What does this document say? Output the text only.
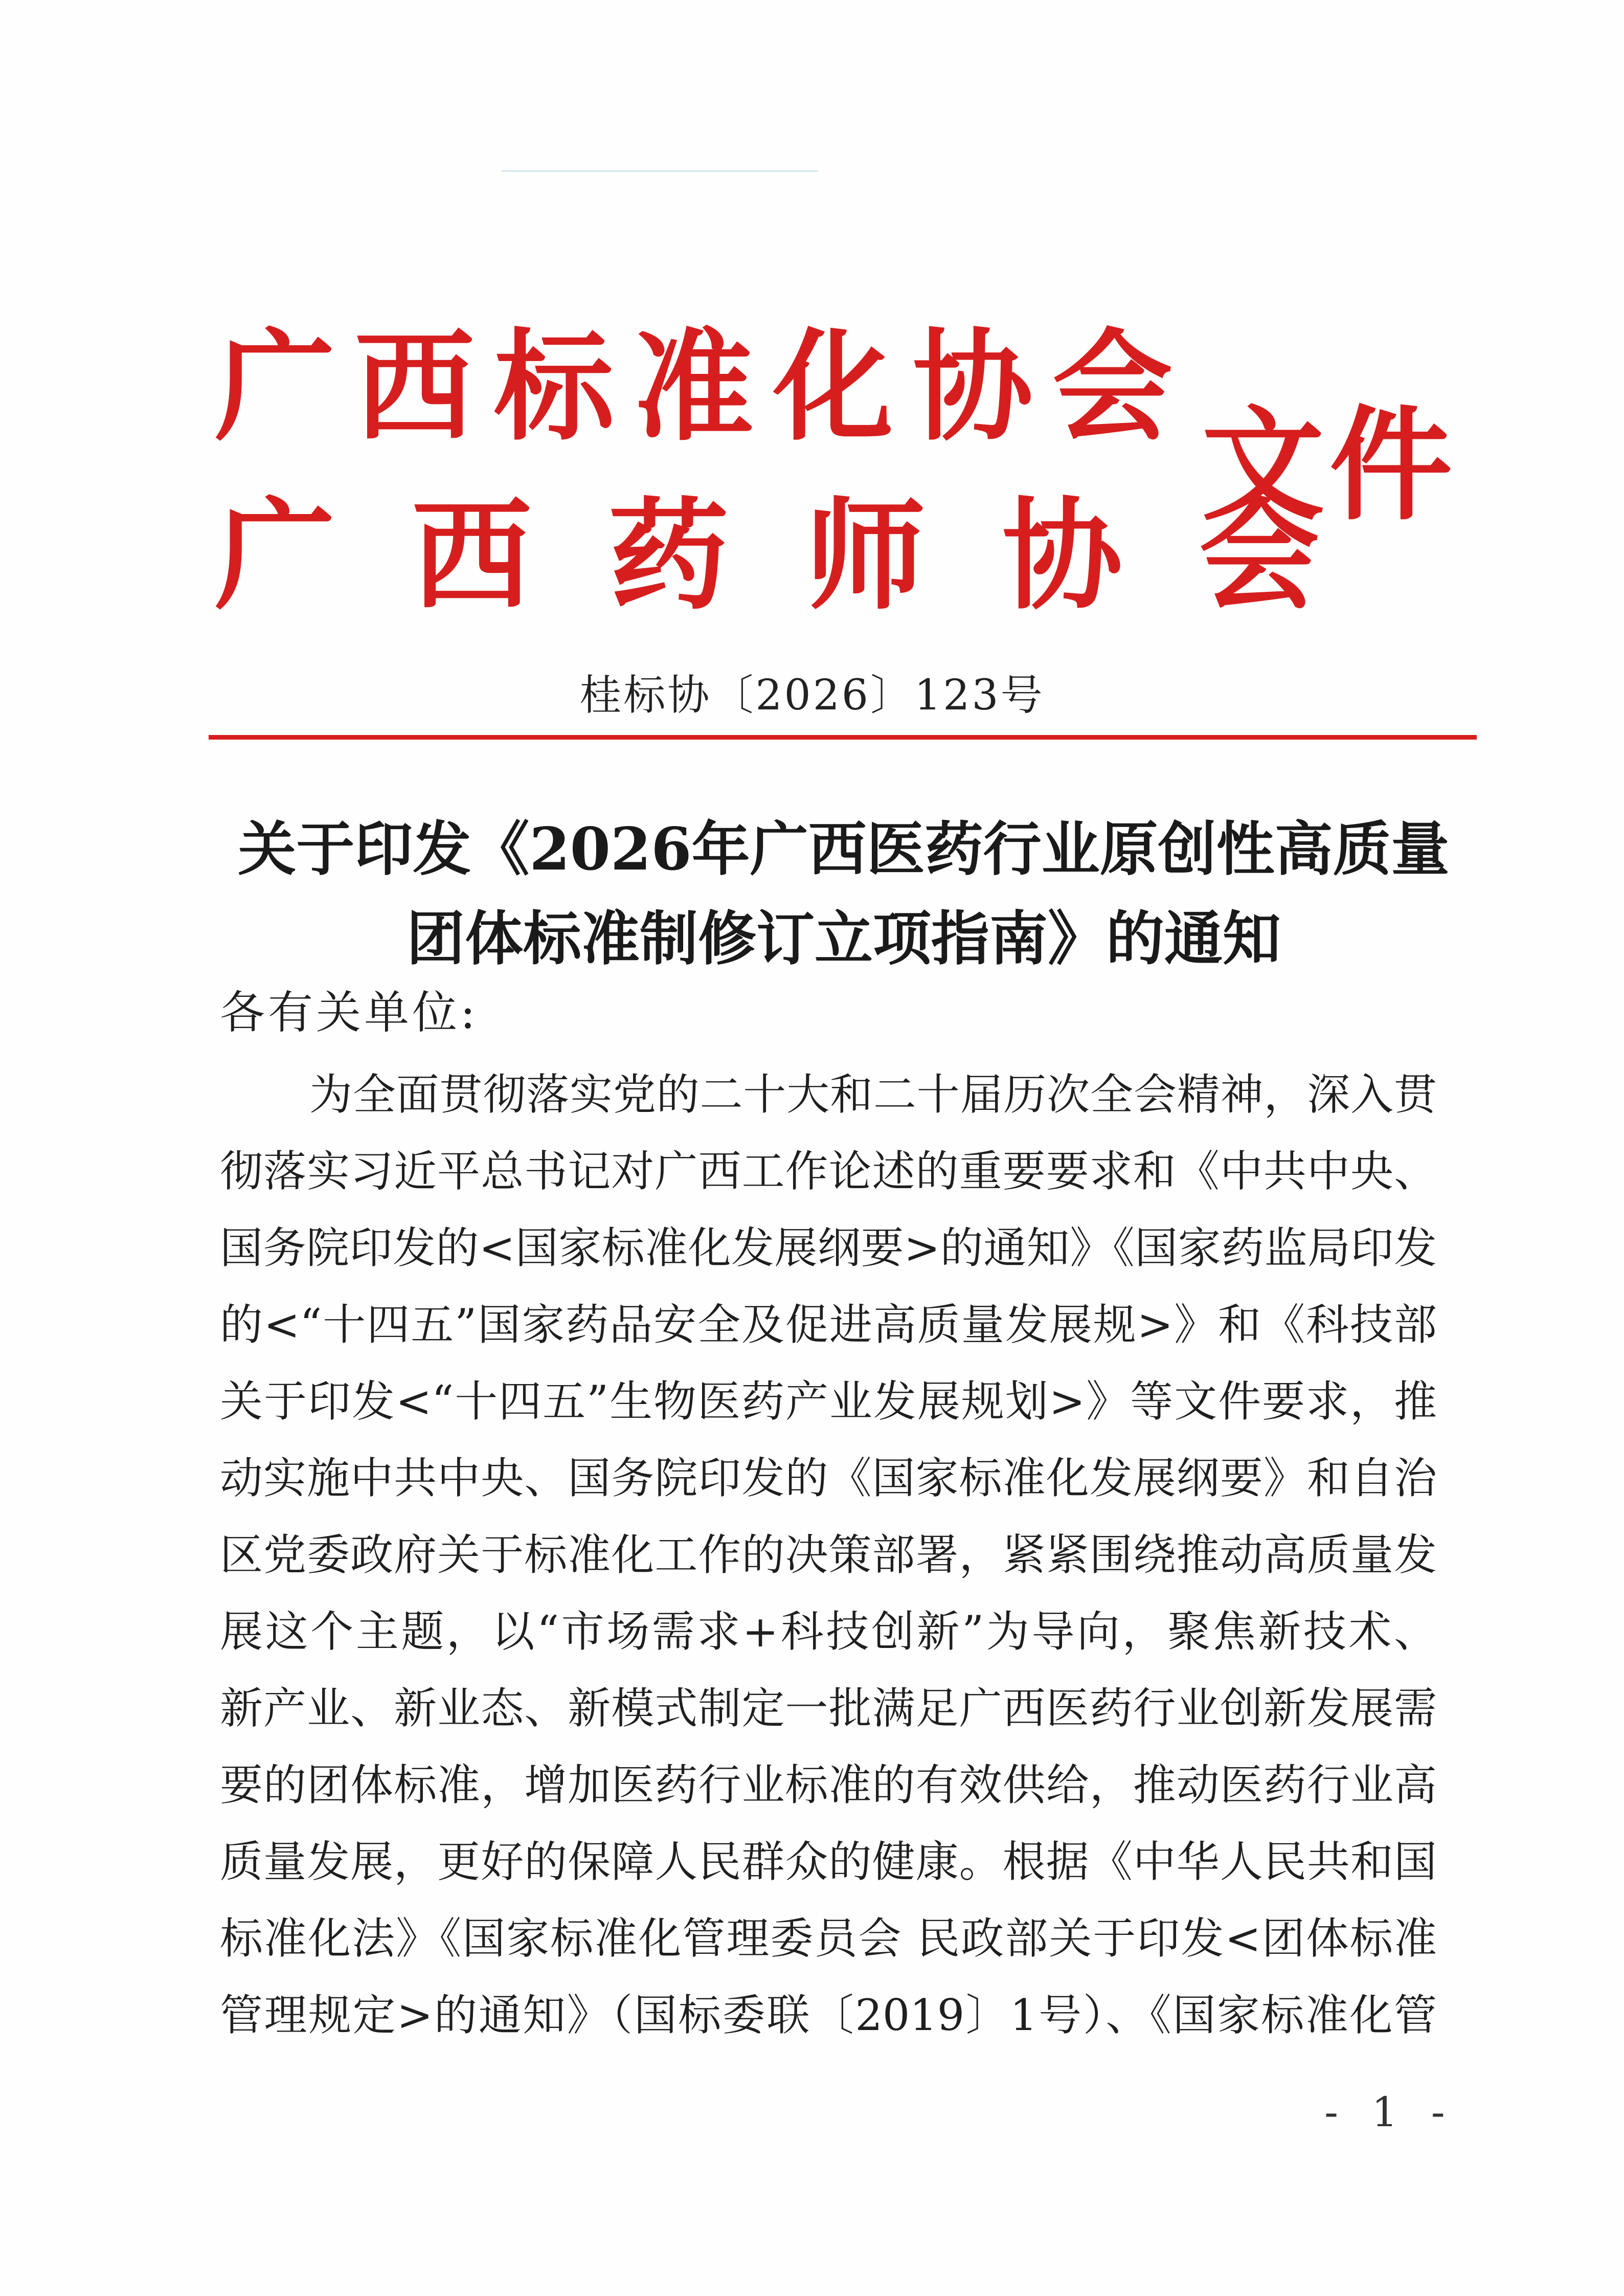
广西标准化协会
广西药师协会
文件
桂标协〔2026〕123号
关于印发《2026年广西医药行业原创性高质量
团体标准制修订立项指南》的通知
各有关单位:
为全面贯彻落实党的二十大和二十届历次全会精神，深入贯
彻落实习近平总书记对广西工作论述的重要要求和《中共中央、
国务院印发的<国家标准化发展纲要>的通知》《国家药监局印发
的<“十四五”国家药品安全及促进高质量发展规>》和《科技部
关于印发<“十四五”生物医药产业发展规划>》等文件要求，推
动实施中共中央、国务院印发的《国家标准化发展纲要》和自治
区党委政府关于标准化工作的决策部署，紧紧围绕推动高质量发
展这个主题，以“市场需求+科技创新”为导向，聚焦新技术、
新产业、新业态、新模式制定一批满足广西医药行业创新发展需
要的团体标准，增加医药行业标准的有效供给，推动医药行业高
质量发展，更好的保障人民群众的健康。根据《中华人民共和国
标准化法》《国家标准化管理委员会 民政部关于印发<团体标准
管理规定>的通知》（国标委联〔2019〕1号）、《国家标准化管
- 1 -
